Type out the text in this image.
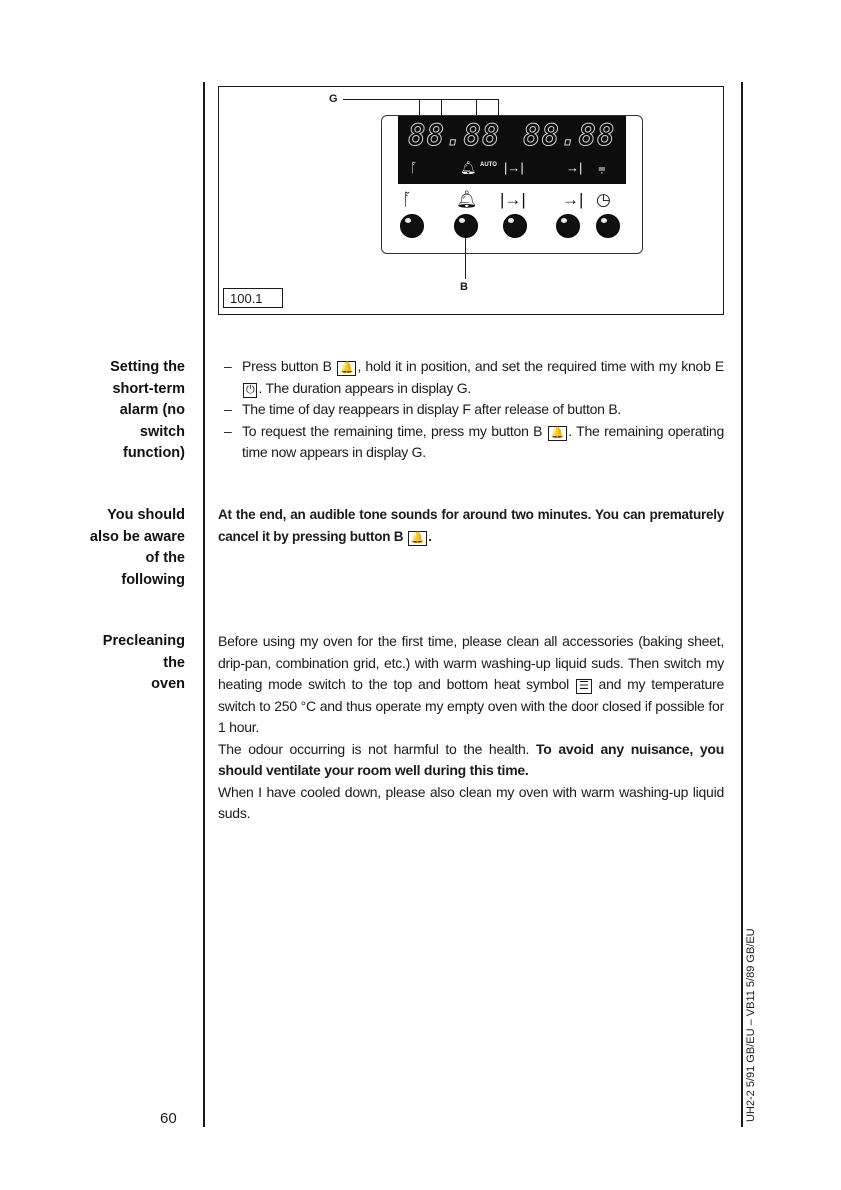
G
88.88 88.88
ᚪ	🔔︎ AUTO |→|	→| ⩦
ᚪ	🔔︎ |→| →| ◷
B
100.1
Setting the
short-term
alarm (no
switch
function)
– Press button B 🔔 , hold it in position, and set the required time with my knob E ⏻ . The duration appears in display G.
– The time of day reappears in display F after release of button B.
– To request the remaining time, press my button B 🔔 . The remaining operating time now appears in display G.
You should
also be aware
of the
following
At the end, an audible tone sounds for around two minutes. You can prematurely cancel it by pressing button B 🔔 .
Precleaning
the
oven
Before using my oven for the first time, please clean all accessories (baking sheet, drip-pan, combination grid, etc.) with warm washing-up liquid suds. Then switch my heating mode switch to the top and bottom heat symbol ☰ and my temperature switch to 250 °C and thus operate my empty oven with the door closed if possible for 1 hour.
The odour occurring is not harmful to the health. To avoid any nuisance, you should ventilate your room well during this time.
When I have cooled down, please also clean my oven with warm washing-up liquid suds.
60	UH2-2 5/91 GB/EU – VB11 5/89 GB/EU
